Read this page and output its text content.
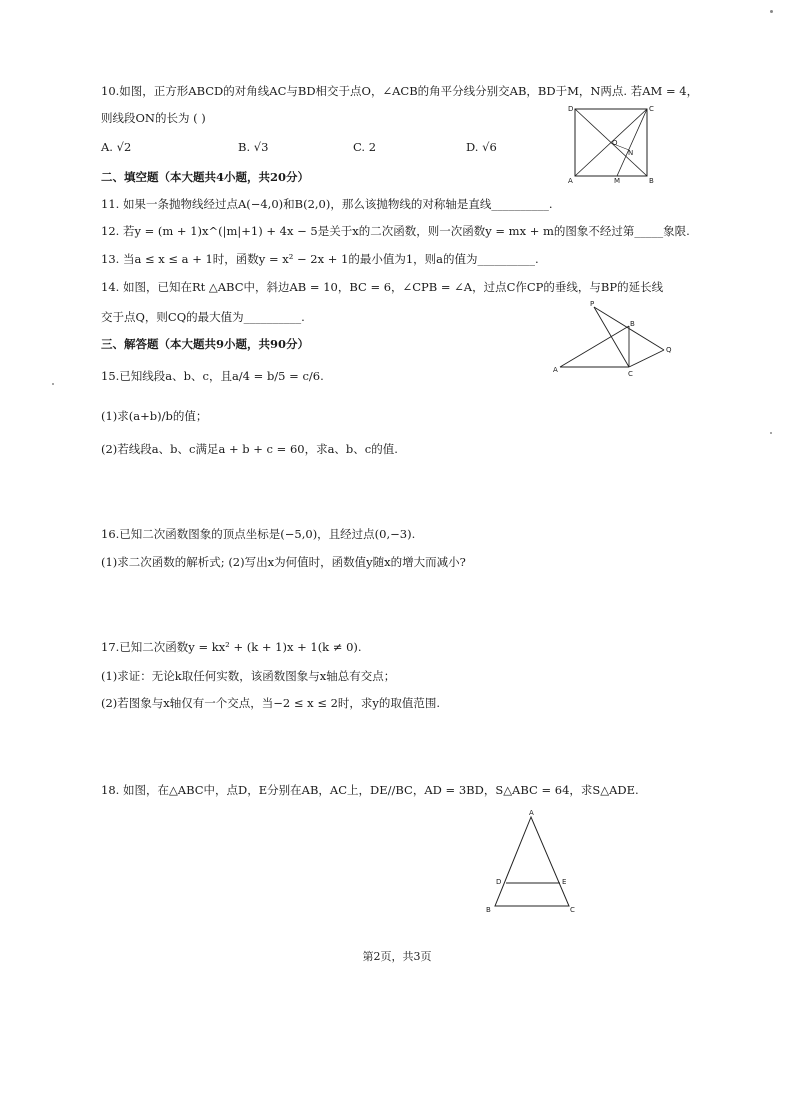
10.如图，正方形ABCD的对角线AC与BD相交于点O，∠ACB的角平分线分别交AB，BD于M，N两点. 若AM = 4，
则线段ON的长为 ( )
A. √2	B. √3	C. 2	D. √6
D	C
O
N
A	M	B
二、填空题（本大题共4小题，共20分）
11. 如果一条抛物线经过点A(−4,0)和B(2,0)，那么该抛物线的对称轴是直线__________.
12. 若y = (m + 1)x^(|m|+1) + 4x − 5是关于x的二次函数，则一次函数y = mx + m的图象不经过第_____象限.
13. 当a ≤ x ≤ a + 1时，函数y = x² − 2x + 1的最小值为1，则a的值为__________.
14. 如图，已知在Rt △ABC中，斜边AB = 10，BC = 6，∠CPB = ∠A，过点C作CP的垂线，与BP的延长线
交于点Q，则CQ的最大值为__________.
P
B
Q
A	C
三、解答题（本大题共9小题，共90分）
15.已知线段a、b、c，且a/4 = b/5 = c/6.
(1)求(a+b)/b的值；
(2)若线段a、b、c满足a + b + c = 60，求a、b、c的值.
16.已知二次函数图象的顶点坐标是(−5,0)，且经过点(0,−3).
(1)求二次函数的解析式; (2)写出x为何值时，函数值y随x的增大而减小?
17.已知二次函数y = kx² + (k + 1)x + 1(k ≠ 0).
(1)求证：无论k取任何实数，该函数图象与x轴总有交点；
(2)若图象与x轴仅有一个交点，当−2 ≤ x ≤ 2时，求y的取值范围.
18. 如图，在△ABC中，点D，E分别在AB，AC上，DE//BC，AD = 3BD，S△ABC = 64，求S△ADE.
A
D	E
B	C
第2页，共3页
